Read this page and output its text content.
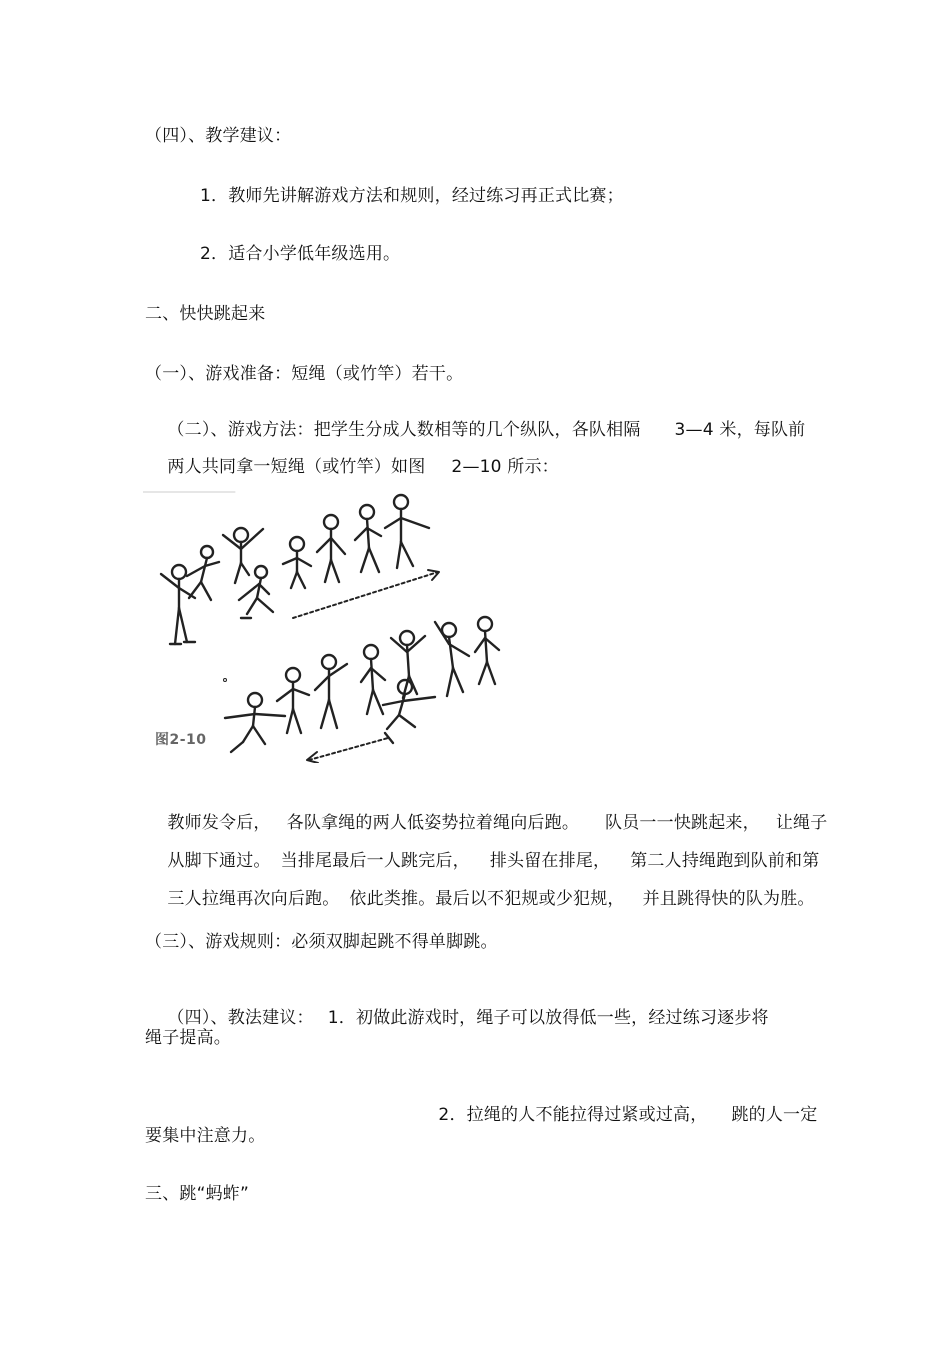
（四）、教学建议：
1．教师先讲解游戏方法和规则，经过练习再正式比赛；
2．适合小学低年级选用。
二、快快跳起来
（一）、游戏准备：短绳（或竹竿）若干。

（二）、游戏方法：把学生分成人数相等的几个纵队，各队相隔 3—4 米，每队前

两人共同拿一短绳（或竹竿）如图 2—10 所示：

图2-10

教师发令后， 各队拿绳的两人低姿势拉着绳向后跑。 队员一一快跳起来， 让绳子

从脚下通过。 当排尾最后一人跳完后， 排头留在排尾， 第二人持绳跑到队前和第

三人拉绳再次向后跑。 依此类推。最后以不犯规或少犯规， 并且跳得快的队为胜。

（三）、游戏规则：必须双脚起跳不得单脚跳。

（四）、教法建议： 1．初做此游戏时，绳子可以放得低一些，经过练习逐步将

绳子提高。

2．拉绳的人不能拉得过紧或过高， 跳的人一定

要集中注意力。
三、跳“蚂蚱”
